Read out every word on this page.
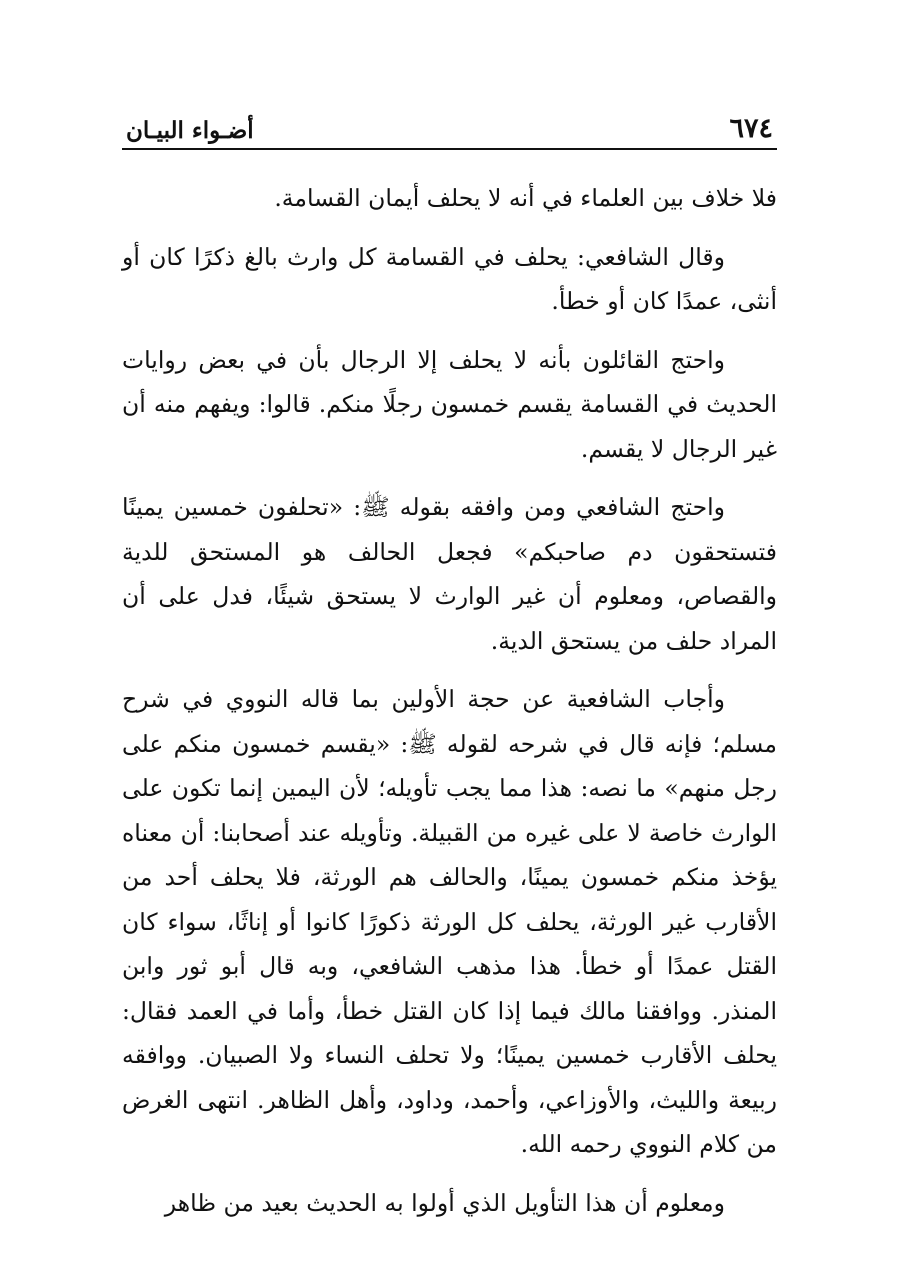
٦٧٤
أضـواء البيـان

فلا خلاف بين العلماء في أنه لا يحلف أيمان القسامة.

وقال الشافعي: يحلف في القسامة كل وارث بالغ ذكرًا كان أو أنثى، عمدًا كان أو خطأ.

واحتج القائلون بأنه لا يحلف إلا الرجال بأن في بعض روايات الحديث في القسامة يقسم خمسون رجلًا منكم. قالوا: ويفهم منه أن غير الرجال لا يقسم.

واحتج الشافعي ومن وافقه بقوله ﷺ: «تحلفون خمسين يمينًا فتستحقون دم صاحبكم» فجعل الحالف هو المستحق للدية والقصاص، ومعلوم أن غير الوارث لا يستحق شيئًا، فدل على أن المراد حلف من يستحق الدية.

وأجاب الشافعية عن حجة الأولين بما قاله النووي في شرح مسلم؛ فإنه قال في شرحه لقوله ﷺ: «يقسم خمسون منكم على رجل منهم» ما نصه: هذا مما يجب تأويله؛ لأن اليمين إنما تكون على الوارث خاصة لا على غيره من القبيلة. وتأويله عند أصحابنا: أن معناه يؤخذ منكم خمسون يمينًا، والحالف هم الورثة، فلا يحلف أحد من الأقارب غير الورثة، يحلف كل الورثة ذكورًا كانوا أو إناثًا، سواء كان القتل عمدًا أو خطأ. هذا مذهب الشافعي، وبه قال أبو ثور وابن المنذر. ووافقنا مالك فيما إذا كان القتل خطأ، وأما في العمد فقال: يحلف الأقارب خمسين يمينًا؛ ولا تحلف النساء ولا الصبيان. ووافقه ربيعة والليث، والأوزاعي، وأحمد، وداود، وأهل الظاهر. انتهى الغرض من كلام النووي رحمه الله.

ومعلوم أن هذا التأويل الذي أولوا به الحديث بعيد من ظاهر
